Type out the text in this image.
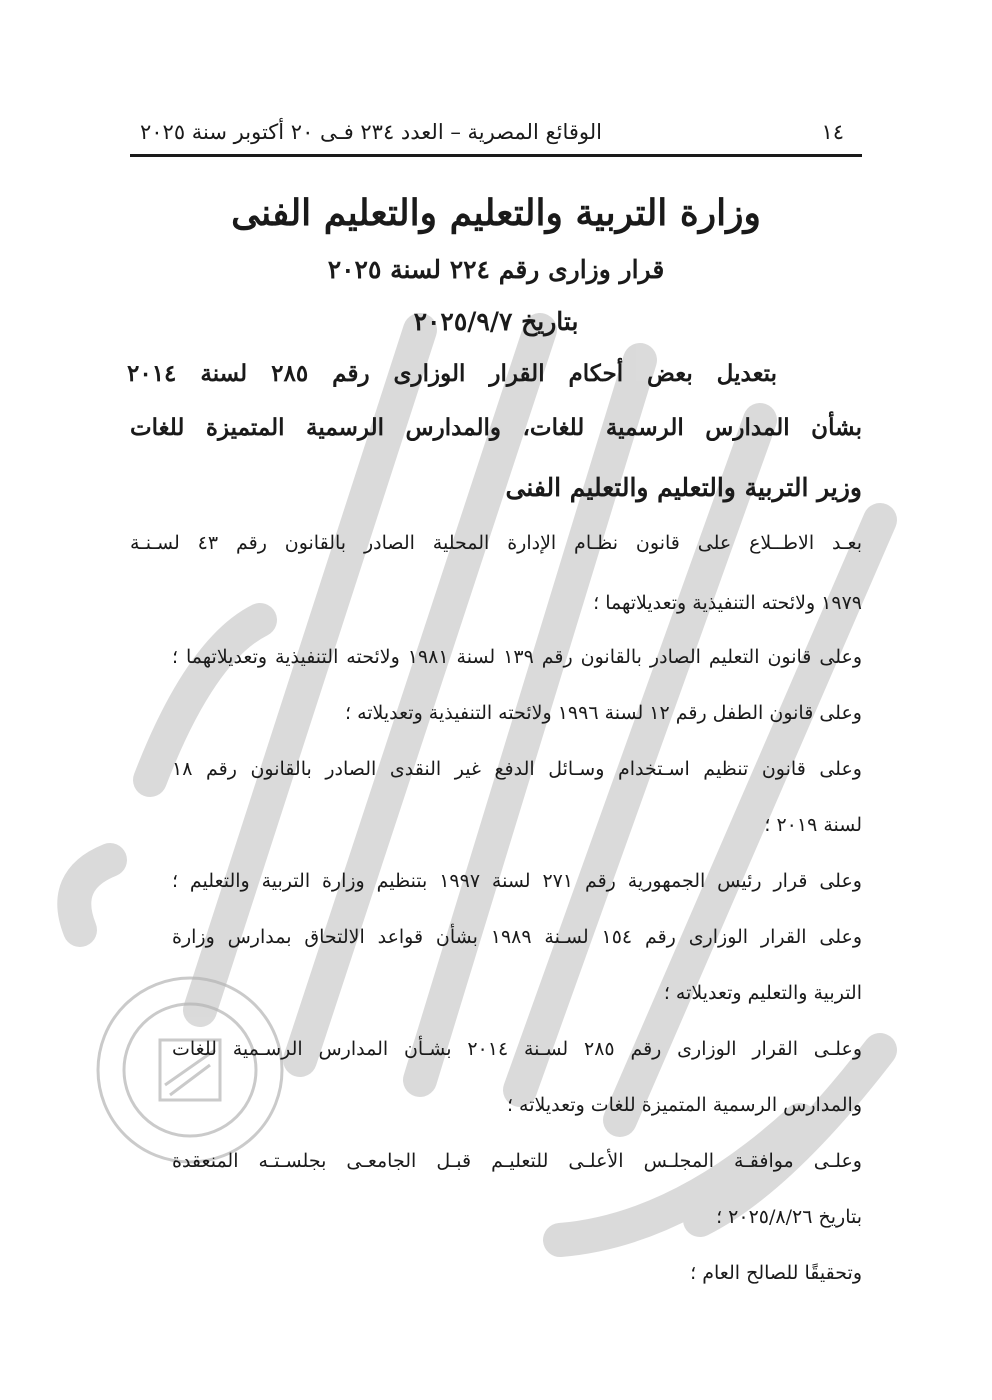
١٤
الوقائع المصرية – العدد ٢٣٤ فـى ٢٠ أكتوبر سنة ٢٠٢٥
وزارة التربية والتعليم والتعليم الفنى
قرار وزارى رقم ٢٢٤ لسنة ٢٠٢٥
بتاريخ ٢٠٢٥/٩/٧
بتعديل بعض أحكام القرار الوزارى رقم ٢٨٥ لسنة ٢٠١٤
بشأن المدارس الرسمية للغات، والمدارس الرسمية المتميزة للغات
وزير التربية والتعليم والتعليم الفنى
بعـد الاطــلاع على قانون نظـام الإدارة المحلية الصادر بالقانون رقم ٤٣ لسـنـة
١٩٧٩ ولائحته التنفيذية وتعديلاتهما ؛
وعلى قانون التعليم الصادر بالقانون رقم ١٣٩ لسنة ١٩٨١ ولائحته التنفيذية وتعديلاتهما ؛
وعلى قانون الطفل رقم ١٢ لسنة ١٩٩٦ ولائحته التنفيذية وتعديلاته ؛
وعلى قانون تنظيم اسـتخدام وسـائل الدفع غير النقدى الصادر بالقانون رقم ١٨
لسنة ٢٠١٩ ؛
وعلى قرار رئيس الجمهورية رقم ٢٧١ لسنة ١٩٩٧ بتنظيم وزارة التربية والتعليم ؛
وعلى القرار الوزارى رقم ١٥٤ لسـنة ١٩٨٩ بشأن قواعد الالتحاق بمدارس وزارة
التربية والتعليم وتعديلاته ؛
وعلـى القرار الوزارى رقم ٢٨٥ لسـنة ٢٠١٤ بشـأن المدارس الرسـمية للغات
والمدارس الرسمية المتميزة للغات وتعديلاته ؛
وعلـى موافقـة المجلـس الأعلـى للتعليـم قبـل الجامعـى بجلسـتـه المنعقدة
بتاريخ ٢٠٢٥/٨/٢٦ ؛
وتحقيقًا للصالح العام ؛
